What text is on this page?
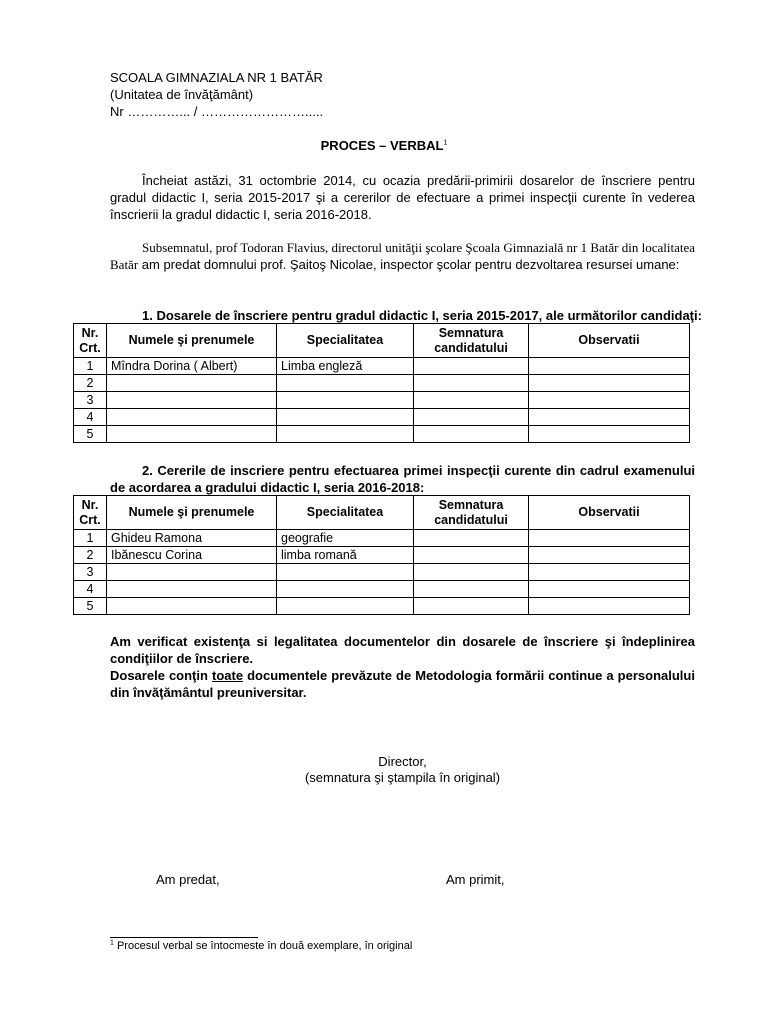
SCOALA GIMNAZIALA NR 1 BATĂR
(Unitatea de învăţământ)
Nr …………... / …………………….....
PROCES – VERBAL$^1$
Încheiat astăzi, 31 octombrie 2014, cu ocazia predării-primirii dosarelor de înscriere pentru gradul didactic I, seria 2015-2017 şi a cererilor de efectuare a primei inspecţii curente în vederea înscrierii la gradul didactic I, seria 2016-2018.
Subsemnatul, prof Todoran Flavius, directorul unităţii şcolare Şcoala Gimnazială nr 1 Batăr din localitatea Batăr am predat domnului prof. Şaitoş Nicolae, inspector şcolar pentru dezvoltarea resursei umane:
1. Dosarele de înscriere pentru gradul didactic I, seria 2015-2017, ale următorilor candidaţi:
Nr. Crt.	Numele şi prenumele	Specialitatea	Semnatura candidatului	Observatii
1	Mîndra Dorina ( Albert)	Limba engleză		
2				
3				
4				
5				
2. Cererile de inscriere pentru efectuarea primei inspecţii curente din cadrul examenului de acordarea a gradului didactic I, seria 2016-2018:
Nr. Crt.	Numele şi prenumele	Specialitatea	Semnatura candidatului	Observatii
1	Ghideu Ramona	geografie		
2	Ibănescu Corina	limba romană		
3				
4				
5				
Am verificat existenţa si legalitatea documentelor din dosarele de înscriere şi îndeplinirea condiţiilor de înscriere.
Dosarele conţin toate documentele prevăzute de Metodologia formării continue a personalului din învăţământul preuniversitar.
Director,
(semnatura şi ştampila în original)
Am predat,	Am primit,
$^1$ Procesul verbal se întocmeste în două exemplare, în original
